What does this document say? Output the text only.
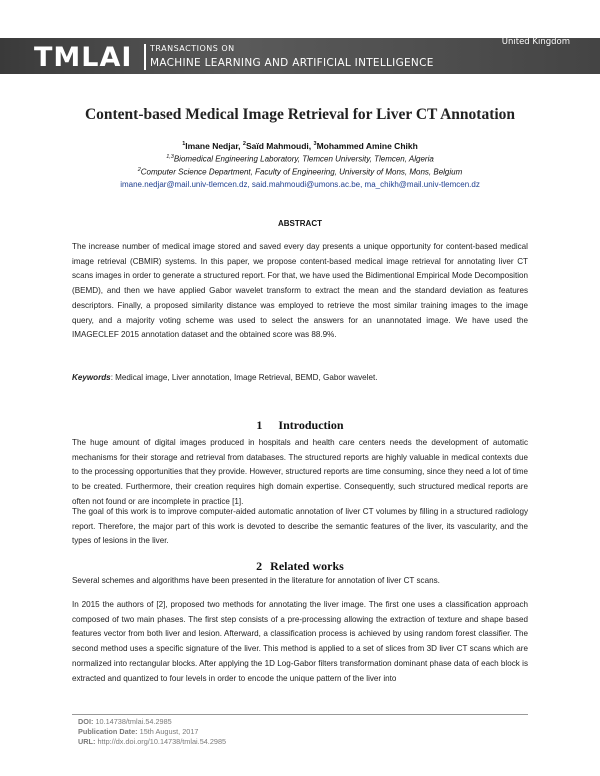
TMLAI TRANSACTIONS ON
MACHINE LEARNING AND ARTIFICIAL INTELLIGENCE
Volume 5 No 4, 2017
ISSN 2054-7390
Society for Science and Education
United Kingdom
Content-based Medical Image Retrieval for Liver CT Annotation
$^1$Imane Nedjar, $^2$Saïd Mahmoudi, $^3$Mohammed Amine Chikh
$^{1,3}$Biomedical Engineering Laboratory, Tlemcen University, Tlemcen, Algeria
$^2$Computer Science Department, Faculty of Engineering, University of Mons, Mons, Belgium
imane.nedjar@mail.univ-tlemcen.dz, said.mahmoudi@umons.ac.be, ma_chikh@mail.univ-tlemcen.dz
ABSTRACT

The increase number of medical image stored and saved every day presents a unique opportunity for content-based medical image retrieval (CBMIR) systems. In this paper, we propose content-based medical image retrieval for annotating liver CT scans images in order to generate a structured report. For that, we have used the Bidimentional Empirical Mode Decomposition (BEMD), and then we have applied Gabor wavelet transform to extract the mean and the standard deviation as features descriptors. Finally, a proposed similarity distance was employed to retrieve the most similar training images to the image query, and a majority voting scheme was used to select the answers for an unannotated image. We have used the IMAGECLEF 2015 annotation dataset and the obtained score was 88.9%.

Keywords: Medical image, Liver annotation, Image Retrieval, BEMD, Gabor wavelet.

1 Introduction

The huge amount of digital images produced in hospitals and health care centers needs the development of automatic mechanisms for their storage and retrieval from databases. The structured reports are highly valuable in medical contexts due to the processing opportunities that they provide. However, structured reports are time consuming, since they need a lot of time to be created. Furthermore, their creation requires high domain expertise. Consequently, such structured medical reports are often not found or are incomplete in practice [1].

The goal of this work is to improve computer-aided automatic annotation of liver CT volumes by filling in a structured radiology report. Therefore, the major part of this work is devoted to describe the semantic features of the liver, its vascularity, and the types of lesions in the liver.

2 Related works

Several schemes and algorithms have been presented in the literature for annotation of liver CT scans.

In 2015 the authors of [2], proposed two methods for annotating the liver image. The first one uses a classification approach composed of two main phases. The first step consists of a pre-processing allowing the extraction of texture and shape based features vector from both liver and lesion. Afterward, a classification process is achieved by using random forest classifier. The second method uses a specific signature of the liver. This method is applied to a set of slices from 3D liver CT scans which are normalized into rectangular blocks. After applying the 1D Log-Gabor filters transformation dominant phase data of each block is extracted and quantized to four levels in order to encode the unique pattern of the liver into

DOI: 10.14738/tmlai.54.2985
Publication Date: 15th August, 2017
URL: http://dx.doi.org/10.14738/tmlai.54.2985
